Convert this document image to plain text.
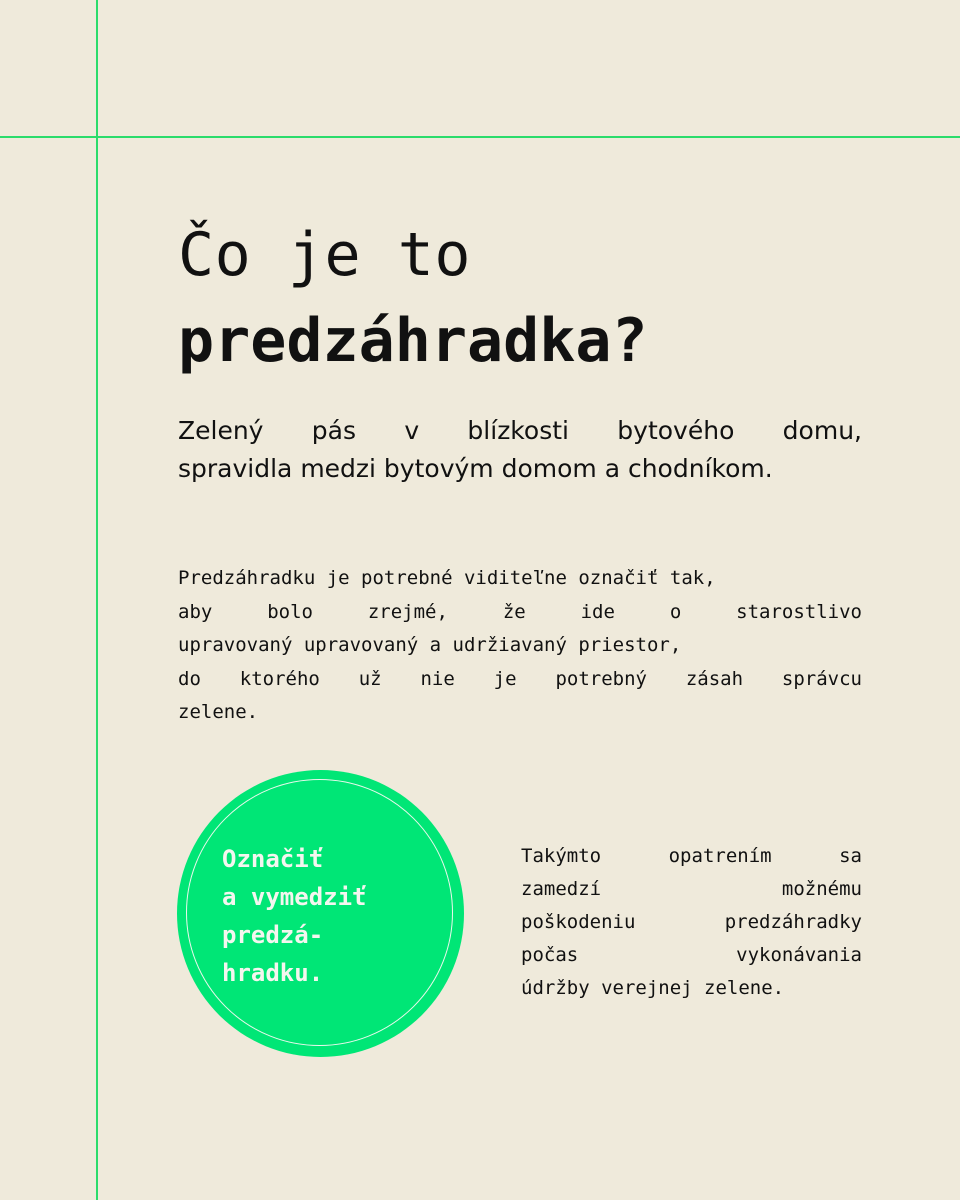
Čo je to
predzáhradka?

Zelený pás v blízkosti bytového domu,
spravidla medzi bytovým domom a chodníkom.

Predzáhradku je potrebné viditeľne označiť tak,
aby bolo zrejmé, že ide o starostlivo
upravovaný upravovaný a udržiavaný priestor,
do ktorého už nie je potrebný zásah správcu
zelene.

Označiť
a vymedziť
predzá-
hradku.

Takýmto opatrením sa
zamedzí možnému
poškodeniu predzáhradky
počas vykonávania
údržby verejnej zelene.
